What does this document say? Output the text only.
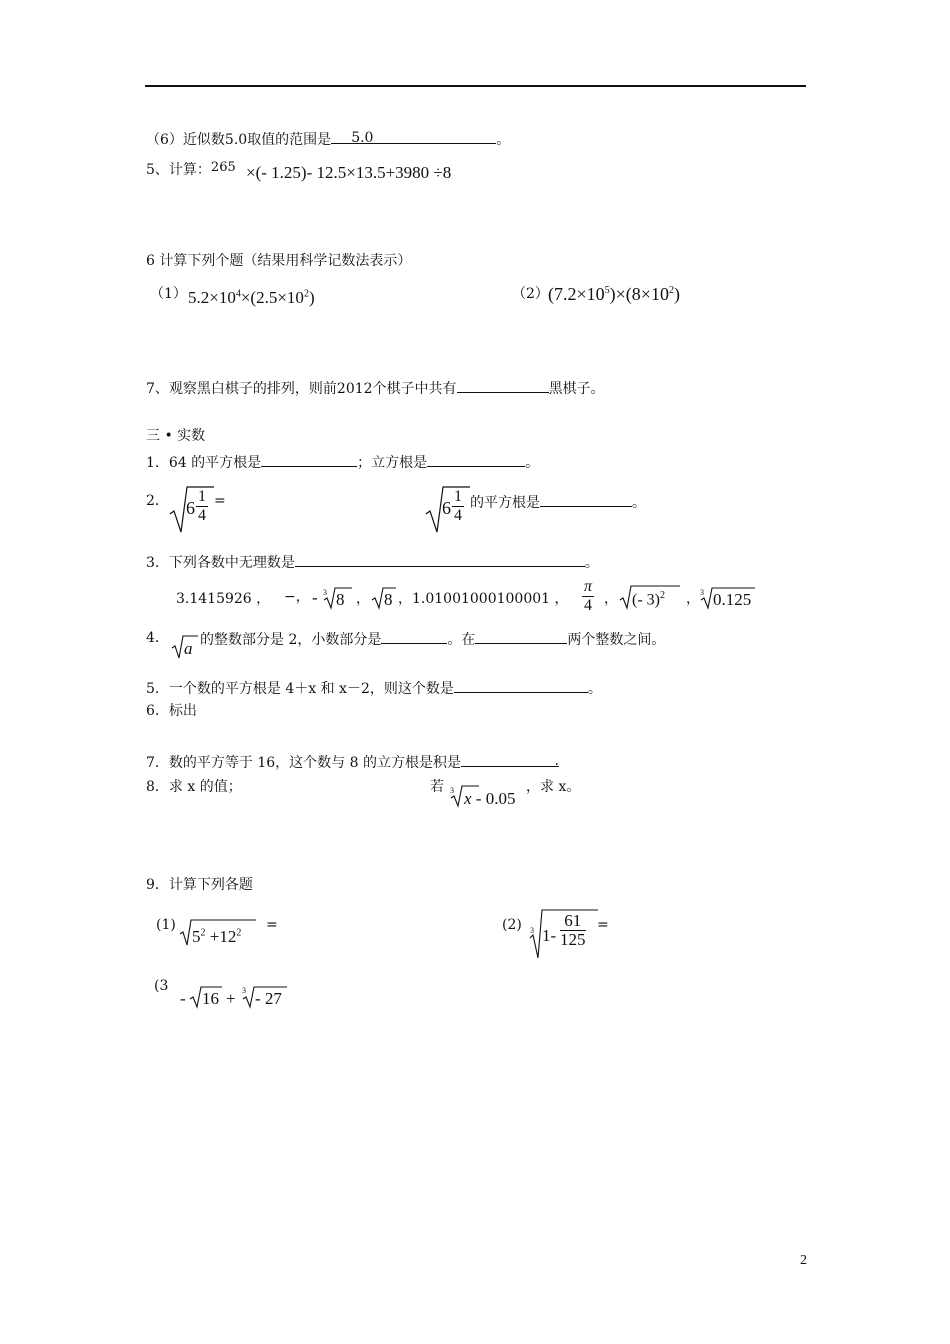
（6）近似数5.0取值的范围是 5.0	。
5、计算：265 ×(- 1.25)- 12.5×13.5+3980 ÷8
6 计算下列个题（结果用科学记数法表示）
（1） $5.2\times 10^4\times(2.5\times 10^2)$	（2） $(7.2\times 10^5)\times(8\times 10^2)$
7、观察黑白棋子的排列，则前2012个棋子中共有	黑棋子。
三 • 实数
1．64 的平方根是	；立方根是	。
2． $6 \frac{1}{4}$ =	$6 \frac{1}{4}$ 的平方根是	。
3．下列各数中无理数是	。
3.1415926 ， −， - 3 8 ， 8 ，1.01001000100001 ， $\frac{\pi}{4}$ ， (- 3)$^2$ ， 3 0.125
4．
a 的整数部分是 2，小数部分是	。在	两个整数之间。
5．一个数的平方根是 4＋x 和 x－2，则这个数是	。
6．标出
7．数的平方等于 16，这个数与 8 的立方根是积是	.
8．求 x 的值；	若 3 x - 0.05
，求 x。
9．计算下列各题
(1)
$5^2 +12^2$ =	(2) 3 $1- \frac{61}{125}$ =
(3
- 16 + 3 - 27
2
